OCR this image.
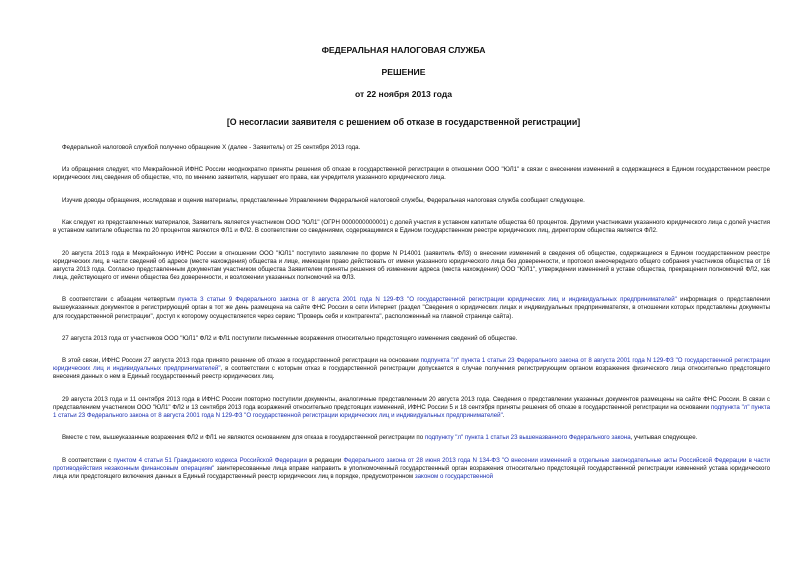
ФЕДЕРАЛЬНАЯ НАЛОГОВАЯ СЛУЖБА
РЕШЕНИЕ
от 22 ноября 2013 года
[О несогласии заявителя с решением об отказе в государственной регистрации]

Федеральной налоговой службой получено обращение Х (далее - Заявитель) от 25 сентября 2013 года.

Из обращения следует, что Межрайонной ИФНС России неоднократно приняты решения об отказе в государственной регистрации в отношении ООО "ЮЛ1" в связи с внесением изменений в содержащиеся в Едином государственном реестре юридических лиц сведения об обществе, что, по мнению заявителя, нарушает его права, как учредителя указанного юридического лица.

Изучив доводы обращения, исследовав и оценив материалы, представленные Управлением Федеральной налоговой службы, Федеральная налоговая служба сообщает следующее.

Как следует из представленных материалов, Заявитель является участником ООО "ЮЛ1" (ОГРН 0000000000001) с долей участия в уставном капитале общества 60 процентов. Другими участниками указанного юридического лица с долей участия в уставном капитале общества по 20 процентов являются ФЛ1 и ФЛ2. В соответствии со сведениями, содержащимися в Едином государственном реестре юридических лиц, директором общества является ФЛ2.

20 августа 2013 года в Межрайонную ИФНС России в отношении ООО "ЮЛ1" поступило заявление по форме N Р14001 (заявитель ФЛ3) о внесении изменений в сведения об обществе, содержащиеся в Едином государственном реестре юридических лиц, в части сведений об адресе (месте нахождения) общества и лице, имеющем право действовать от имени указанного юридического лица без доверенности, и протокол внеочередного общего собрания участников общества от 16 августа 2013 года. Согласно представленным документам участником общества Заявителем приняты решения об изменении адреса (места нахождения) ООО "ЮЛ1", утверждении изменений в уставе общества, прекращении полномочий ФЛ2, как лица, действующего от имени общества без доверенности, и возложении указанных полномочий на ФЛ3.

В соответствии с абзацем четвертым пункта 3 статьи 9 Федерального закона от 8 августа 2001 года N 129-ФЗ "О государственной регистрации юридических лиц и индивидуальных предпринимателей" информация о представлении вышеуказанных документов в регистрирующий орган в тот же день размещена на сайте ФНС России в сети Интернет (раздел "Сведения о юридических лицах и индивидуальных предпринимателях, в отношении которых представлены документы для государственной регистрации", доступ к которому осуществляется через сервис "Проверь себя и контрагента", расположенный на главной странице сайта).

27 августа 2013 года от участников ООО "ЮЛ1" ФЛ2 и ФЛ1 поступили письменные возражения относительно предстоящего изменения сведений об обществе.

В этой связи, ИФНС России 27 августа 2013 года принято решение об отказе в государственной регистрации на основании подпункта "л" пункта 1 статьи 23 Федерального закона от 8 августа 2001 года N 129-ФЗ "О государственной регистрации юридических лиц и индивидуальных предпринимателей", в соответствии с которым отказ в государственной регистрации допускается в случае получения регистрирующим органом возражения физического лица относительно предстоящего внесения данных о нем в Единый государственный реестр юридических лиц.

29 августа 2013 года и 11 сентября 2013 года в ИФНС России повторно поступили документы, аналогичные представленным 20 августа 2013 года. Сведения о представлении указанных документов размещены на сайте ФНС России. В связи с представлением участником ООО "ЮЛ1" ФЛ2 и 13 сентября 2013 года возражений относительно предстоящих изменений, ИФНС России 5 и 18 сентября приняты решения об отказе в государственной регистрации на основании подпункта "л" пункта 1 статьи 23 Федерального закона от 8 августа 2001 года N 129-ФЗ "О государственной регистрации юридических лиц и индивидуальных предпринимателей".

Вместе с тем, вышеуказанные возражения ФЛ2 и ФЛ1 не являются основанием для отказа в государственной регистрации по подпункту "л" пункта 1 статьи 23 вышеназванного Федерального закона, учитывая следующее.

В соответствии с пунктом 4 статьи 51 Гражданского кодекса Российской Федерации в редакции Федерального закона от 28 июня 2013 года N 134-ФЗ "О внесении изменений в отдельные законодательные акты Российской Федерации в части противодействия незаконным финансовым операциям" заинтересованные лица вправе направить в уполномоченный государственный орган возражения относительно предстоящей государственной регистрации изменений устава юридического лица или предстоящего включения данных в Единый государственный реестр юридических лиц в порядке, предусмотренном законом о государственной
